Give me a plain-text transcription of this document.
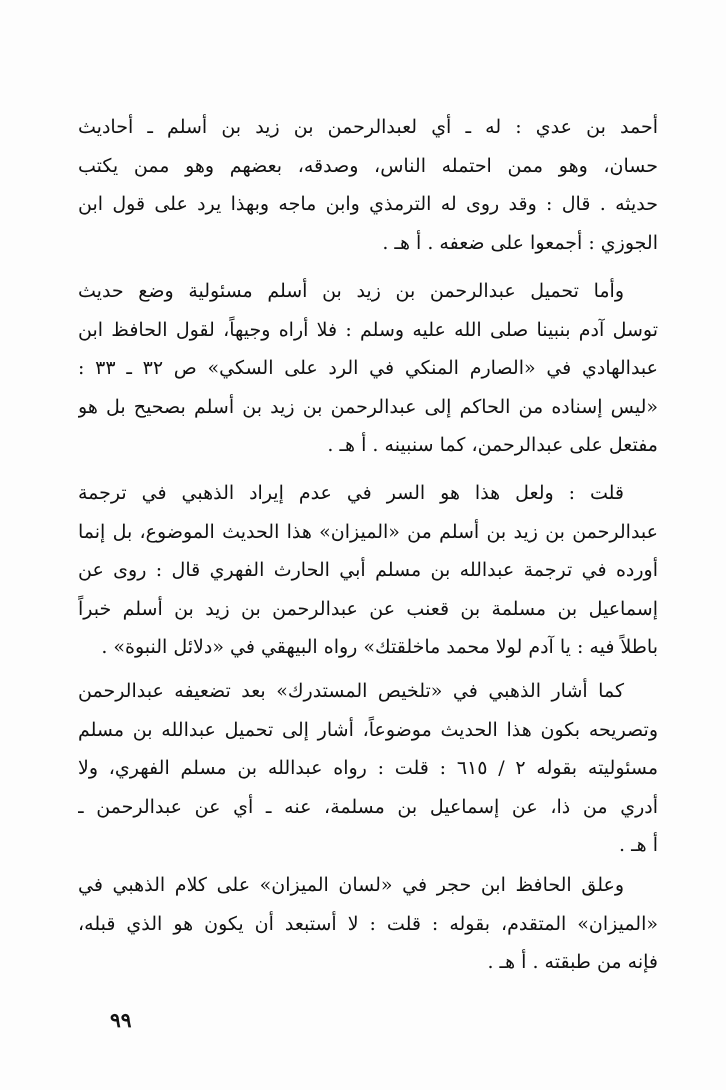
أحمد بن عدي : له ـ أي لعبدالرحمن بن زيد بن أسلم ـ أحاديث
حسان، وهو ممن احتمله الناس، وصدقه، بعضهم وهو ممن يكتب
حديثه . قال : وقد روى له الترمذي وابن ماجه وبهذا يرد على قول ابن
الجوزي : أجمعوا على ضعفه . أ هـ .
وأما تحميل عبدالرحمن بن زيد بن أسلم مسئولية وضع حديث
توسل آدم بنبينا صلى الله عليه وسلم : فلا أراه وجيهاً، لقول الحافظ ابن
عبدالهادي في «الصارم المنكي في الرد على السكي» ص ٣٢ ـ ٣٣ :
«ليس إسناده من الحاكم إلى عبدالرحمن بن زيد بن أسلم بصحيح بل هو
مفتعل على عبدالرحمن، كما سنبينه . أ هـ .
قلت : ولعل هذا هو السر في عدم إيراد الذهبي في ترجمة
عبدالرحمن بن زيد بن أسلم من «الميزان» هذا الحديث الموضوع، بل إنما
أورده في ترجمة عبدالله بن مسلم أبي الحارث الفهري قال : روى عن
إسماعيل بن مسلمة بن قعنب عن عبدالرحمن بن زيد بن أسلم خبراً
باطلاً فيه : يا آدم لولا محمد ماخلقتك» رواه البيهقي في «دلائل النبوة» .
كما أشار الذهبي في «تلخيص المستدرك» بعد تضعيفه عبدالرحمن
وتصريحه بكون هذا الحديث موضوعاً، أشار إلى تحميل عبدالله بن مسلم
مسئوليته بقوله ٢ / ٦١٥ : قلت : رواه عبدالله بن مسلم الفهري، ولا
أدري من ذا، عن إسماعيل بن مسلمة، عنه ـ أي عن عبدالرحمن ـ
أ هـ .
وعلق الحافظ ابن حجر في «لسان الميزان» على كلام الذهبي في
«الميزان» المتقدم، بقوله : قلت : لا أستبعد أن يكون هو الذي قبله،
فإنه من طبقته . أ هـ .
٩٩
